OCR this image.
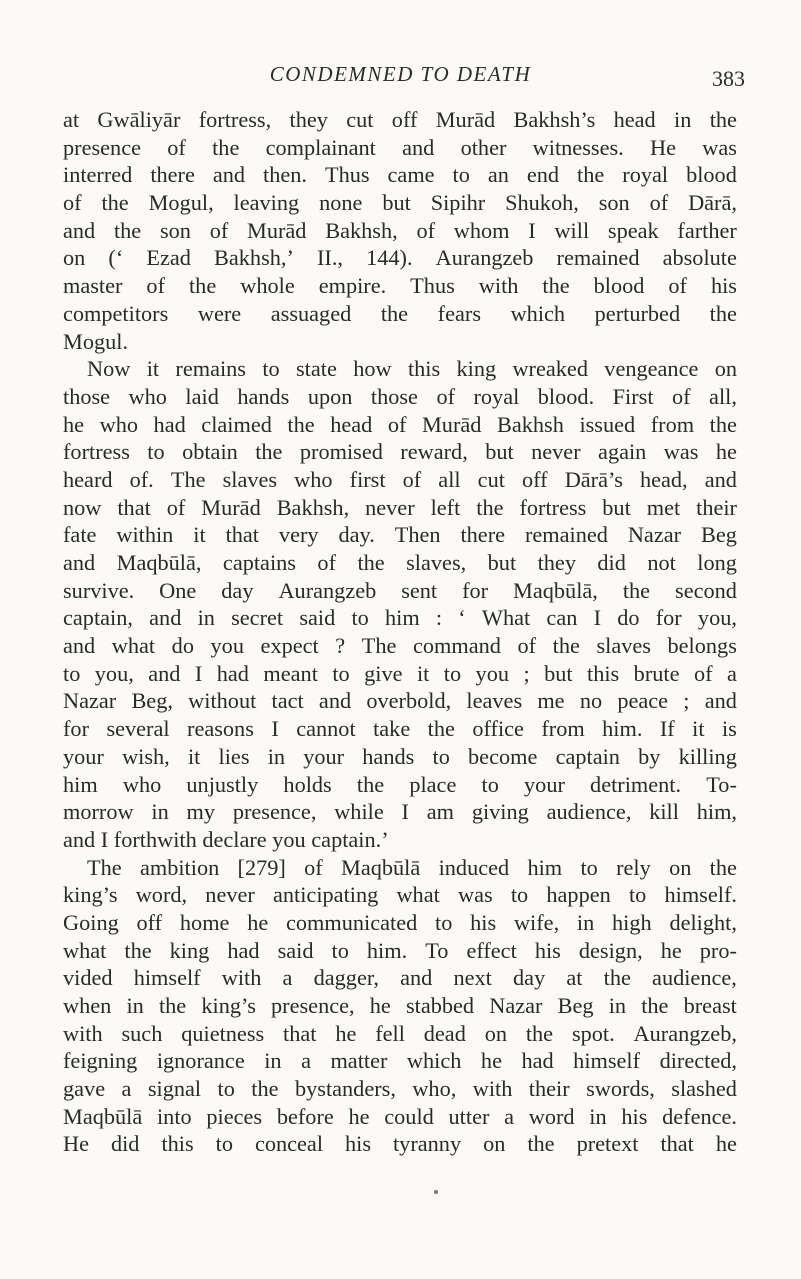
CONDEMNED TO DEATH	383
at Gwāliyār fortress, they cut off Murād Bakhsh’s head in the
presence of the complainant and other witnesses. He was
interred there and then. Thus came to an end the royal blood
of the Mogul, leaving none but Sipihr Shukoh, son of Dārā,
and the son of Murād Bakhsh, of whom I will speak farther
on (‘ Ezad Bakhsh,’ II., 144). Aurangzeb remained absolute
master of the whole empire. Thus with the blood of his
competitors were assuaged the fears which perturbed the
Mogul.
Now it remains to state how this king wreaked vengeance on
those who laid hands upon those of royal blood. First of all,
he who had claimed the head of Murād Bakhsh issued from the
fortress to obtain the promised reward, but never again was he
heard of. The slaves who first of all cut off Dārā’s head, and
now that of Murād Bakhsh, never left the fortress but met their
fate within it that very day. Then there remained Nazar Beg
and Maqbūlā, captains of the slaves, but they did not long
survive. One day Aurangzeb sent for Maqbūlā, the second
captain, and in secret said to him : ‘ What can I do for you,
and what do you expect ? The command of the slaves belongs
to you, and I had meant to give it to you ; but this brute of a
Nazar Beg, without tact and overbold, leaves me no peace ; and
for several reasons I cannot take the office from him. If it is
your wish, it lies in your hands to become captain by killing
him who unjustly holds the place to your detriment. To-
morrow in my presence, while I am giving audience, kill him,
and I forthwith declare you captain.’
The ambition [279] of Maqbūlā induced him to rely on the
king’s word, never anticipating what was to happen to himself.
Going off home he communicated to his wife, in high delight,
what the king had said to him. To effect his design, he pro-
vided himself with a dagger, and next day at the audience,
when in the king’s presence, he stabbed Nazar Beg in the breast
with such quietness that he fell dead on the spot. Aurangzeb,
feigning ignorance in a matter which he had himself directed,
gave a signal to the bystanders, who, with their swords, slashed
Maqbūlā into pieces before he could utter a word in his defence.
He did this to conceal his tyranny on the pretext that he
